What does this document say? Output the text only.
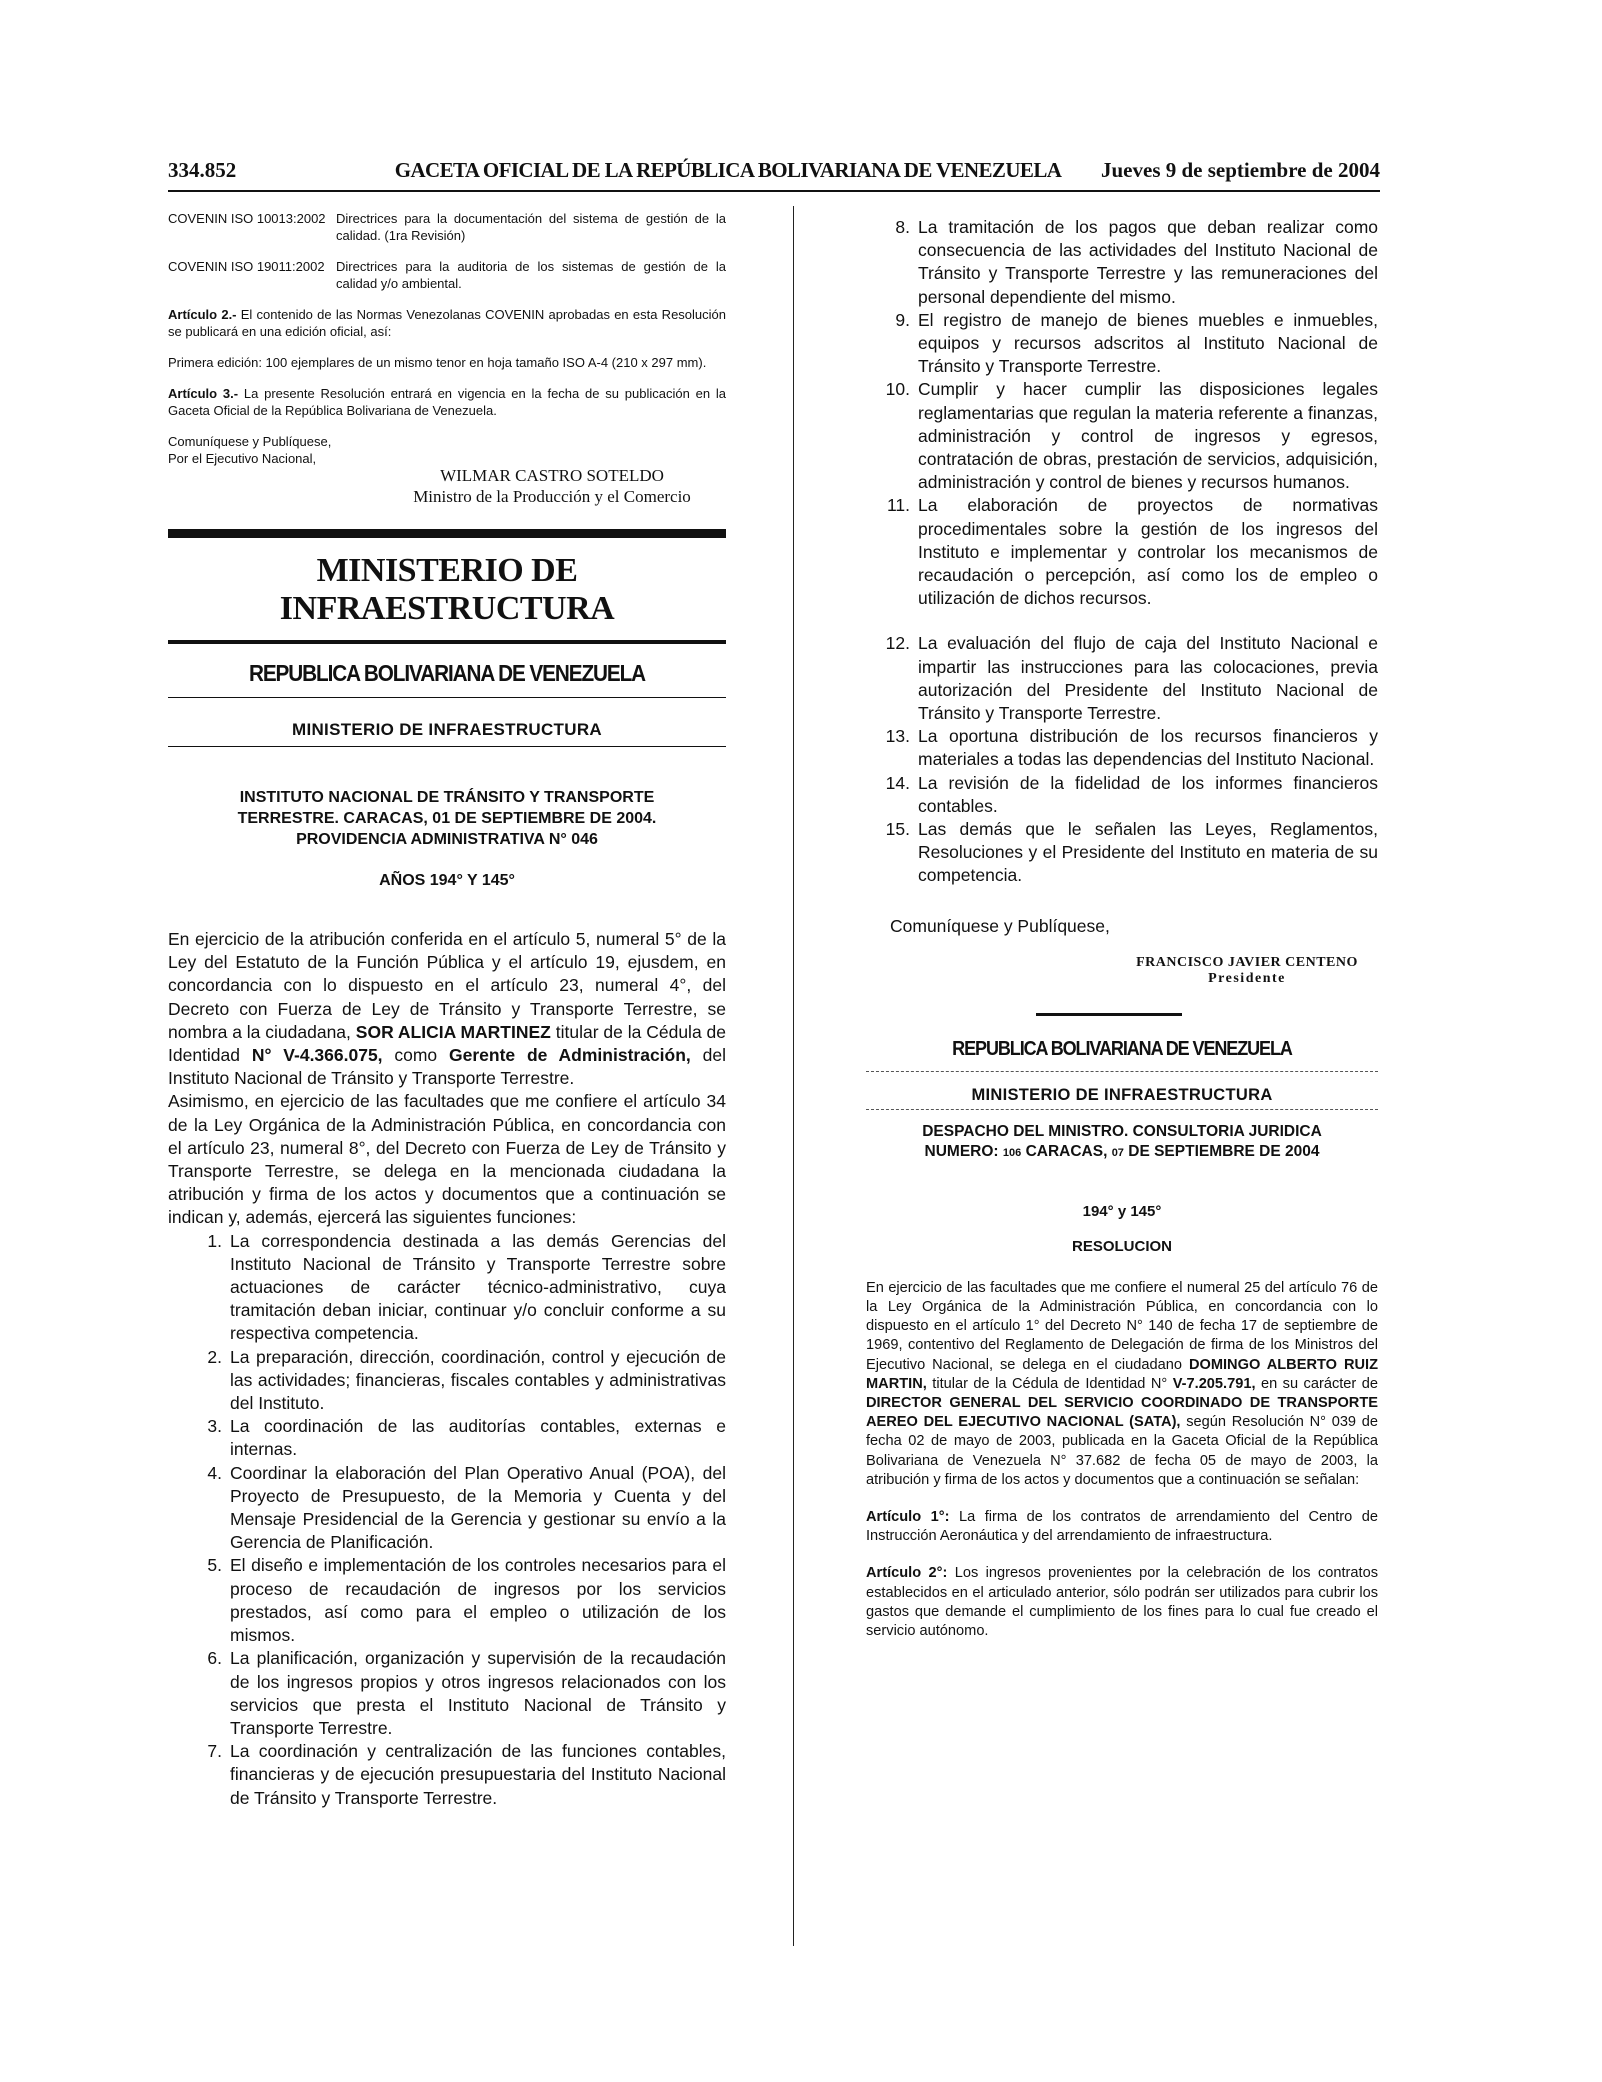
334.852	GACETA OFICIAL DE LA REPÚBLICA BOLIVARIANA DE VENEZUELA	Jueves 9 de septiembre de 2004
COVENIN ISO 10013:2002 Directrices para la documentación del sistema de gestión de la calidad. (1ra Revisión)
COVENIN ISO 19011:2002 Directrices para la auditoria de los sistemas de gestión de la calidad y/o ambiental.
Artículo 2.- El contenido de las Normas Venezolanas COVENIN aprobadas en esta Resolución se publicará en una edición oficial, así:
Primera edición: 100 ejemplares de un mismo tenor en hoja tamaño ISO A-4 (210 x 297 mm).
Artículo 3.- La presente Resolución entrará en vigencia en la fecha de su publicación en la Gaceta Oficial de la República Bolivariana de Venezuela.
Comuníquese y Publíquese,
Por el Ejecutivo Nacional,
WILMAR CASTRO SOTELDO
Ministro de la Producción y el Comercio
MINISTERIO DE INFRAESTRUCTURA
REPUBLICA BOLIVARIANA DE VENEZUELA
MINISTERIO DE INFRAESTRUCTURA
INSTITUTO NACIONAL DE TRÁNSITO Y TRANSPORTE
TERRESTRE. CARACAS, 01 DE SEPTIEMBRE DE 2004.
PROVIDENCIA ADMINISTRATIVA N° 046
AÑOS 194° Y 145°

En ejercicio de la atribución conferida en el artículo 5, numeral 5° de la Ley del Estatuto de la Función Pública y el artículo 19, ejusdem, en concordancia con lo dispuesto en el artículo 23, numeral 4°, del Decreto con Fuerza de Ley de Tránsito y Transporte Terrestre, se nombra a la ciudadana, SOR ALICIA MARTINEZ titular de la Cédula de Identidad N° V-4.366.075, como Gerente de Administración, del Instituto Nacional de Tránsito y Transporte Terrestre.

Asimismo, en ejercicio de las facultades que me confiere el artículo 34 de la Ley Orgánica de la Administración Pública, en concordancia con el artículo 23, numeral 8°, del Decreto con Fuerza de Ley de Tránsito y Transporte Terrestre, se delega en la mencionada ciudadana la atribución y firma de los actos y documentos que a continuación se indican y, además, ejercerá las siguientes funciones:

1. La correspondencia destinada a las demás Gerencias del Instituto Nacional de Tránsito y Transporte Terrestre sobre actuaciones de carácter técnico-administrativo, cuya tramitación deban iniciar, continuar y/o concluir conforme a su respectiva competencia.
2. La preparación, dirección, coordinación, control y ejecución de las actividades; financieras, fiscales contables y administrativas del Instituto.
3. La coordinación de las auditorías contables, externas e internas.
4. Coordinar la elaboración del Plan Operativo Anual (POA), del Proyecto de Presupuesto, de la Memoria y Cuenta y del Mensaje Presidencial de la Gerencia y gestionar su envío a la Gerencia de Planificación.
5. El diseño e implementación de los controles necesarios para el proceso de recaudación de ingresos por los servicios prestados, así como para el empleo o utilización de los mismos.
6. La planificación, organización y supervisión de la recaudación de los ingresos propios y otros ingresos relacionados con los servicios que presta el Instituto Nacional de Tránsito y Transporte Terrestre.
7. La coordinación y centralización de las funciones contables, financieras y de ejecución presupuestaria del Instituto Nacional de Tránsito y Transporte Terrestre.
8. La tramitación de los pagos que deban realizar como consecuencia de las actividades del Instituto Nacional de Tránsito y Transporte Terrestre y las remuneraciones del personal dependiente del mismo.
9. El registro de manejo de bienes muebles e inmuebles, equipos y recursos adscritos al Instituto Nacional de Tránsito y Transporte Terrestre.
10. Cumplir y hacer cumplir las disposiciones legales reglamentarias que regulan la materia referente a finanzas, administración y control de ingresos y egresos, contratación de obras, prestación de servicios, adquisición, administración y control de bienes y recursos humanos.
11. La elaboración de proyectos de normativas procedimentales sobre la gestión de los ingresos del Instituto e implementar y controlar los mecanismos de recaudación o percepción, así como los de empleo o utilización de dichos recursos.
12. La evaluación del flujo de caja del Instituto Nacional e impartir las instrucciones para las colocaciones, previa autorización del Presidente del Instituto Nacional de Tránsito y Transporte Terrestre.
13. La oportuna distribución de los recursos financieros y materiales a todas las dependencias del Instituto Nacional.
14. La revisión de la fidelidad de los informes financieros contables.
15. Las demás que le señalen las Leyes, Reglamentos, Resoluciones y el Presidente del Instituto en materia de su competencia.
Comuníquese y Publíquese,
FRANCISCO JAVIER CENTENO
Presidente
REPUBLICA BOLIVARIANA DE VENEZUELA
MINISTERIO DE INFRAESTRUCTURA
DESPACHO DEL MINISTRO. CONSULTORIA JURIDICA
NUMERO: 106 CARACAS, 07 DE SEPTIEMBRE DE 2004
194° y 145°
RESOLUCION

En ejercicio de las facultades que me confiere el numeral 25 del artículo 76 de la Ley Orgánica de la Administración Pública, en concordancia con lo dispuesto en el artículo 1° del Decreto N° 140 de fecha 17 de septiembre de 1969, contentivo del Reglamento de Delegación de firma de los Ministros del Ejecutivo Nacional, se delega en el ciudadano DOMINGO ALBERTO RUIZ MARTIN, titular de la Cédula de Identidad N° V-7.205.791, en su carácter de DIRECTOR GENERAL DEL SERVICIO COORDINADO DE TRANSPORTE AEREO DEL EJECUTIVO NACIONAL (SATA), según Resolución N° 039 de fecha 02 de mayo de 2003, publicada en la Gaceta Oficial de la República Bolivariana de Venezuela N° 37.682 de fecha 05 de mayo de 2003, la atribución y firma de los actos y documentos que a continuación se señalan:

Artículo 1°: La firma de los contratos de arrendamiento del Centro de Instrucción Aeronáutica y del arrendamiento de infraestructura.
Artículo 2°: Los ingresos provenientes por la celebración de los contratos establecidos en el articulado anterior, sólo podrán ser utilizados para cubrir los gastos que demande el cumplimiento de los fines para lo cual fue creado el servicio autónomo.
